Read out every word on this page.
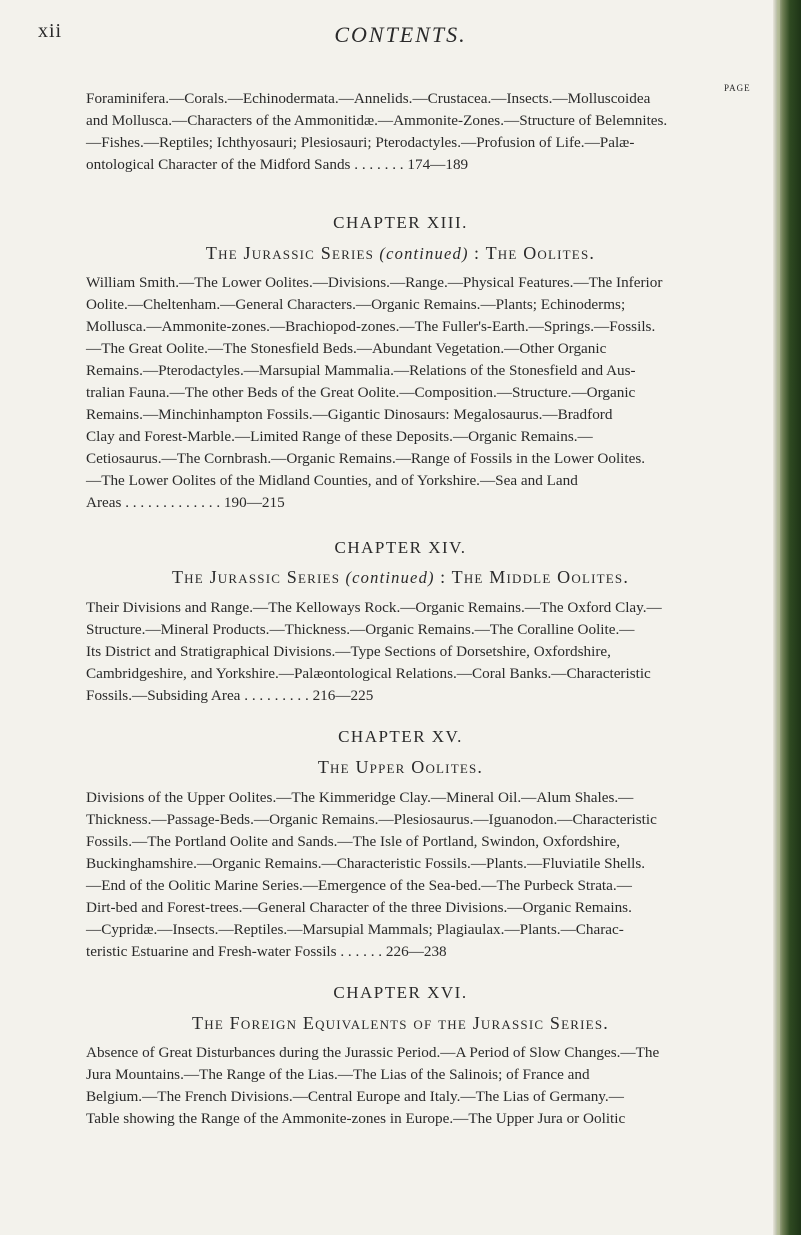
xii	CONTENTS.
PAGE
Foraminifera.—Corals.—Echinodermata.—Annelids.—Crustacea.—Insects.—Molluscoidea
and Mollusca.—Characters of the Ammonitidæ.—Ammonite-Zones.—Structure of Belemnites.
—Fishes.—Reptiles; Ichthyosauri; Plesiosauri; Pterodactyles.—Profusion of Life.—Palæ-
ontological Character of the Midford Sands . . . . . . . 174—189
CHAPTER XIII.
The Jurassic Series (continued) : The Oolites.
William Smith.—The Lower Oolites.—Divisions.—Range.—Physical Features.—The Inferior
Oolite.—Cheltenham.—General Characters.—Organic Remains.—Plants; Echinoderms;
Mollusca.—Ammonite-zones.—Brachiopod-zones.—The Fuller's-Earth.—Springs.—Fossils.
—The Great Oolite.—The Stonesfield Beds.—Abundant Vegetation.—Other Organic
Remains.—Pterodactyles.—Marsupial Mammalia.—Relations of the Stonesfield and Aus-
tralian Fauna.—The other Beds of the Great Oolite.—Composition.—Structure.—Organic
Remains.—Minchinhampton Fossils.—Gigantic Dinosaurs: Megalosaurus.—Bradford
Clay and Forest-Marble.—Limited Range of these Deposits.—Organic Remains.—
Cetiosaurus.—The Cornbrash.—Organic Remains.—Range of Fossils in the Lower Oolites.
—The Lower Oolites of the Midland Counties, and of Yorkshire.—Sea and Land
Areas . . . . . . . . . . . . . 190—215
CHAPTER XIV.
The Jurassic Series (continued) : The Middle Oolites.
Their Divisions and Range.—The Kelloways Rock.—Organic Remains.—The Oxford Clay.—
Structure.—Mineral Products.—Thickness.—Organic Remains.—The Coralline Oolite.—
Its District and Stratigraphical Divisions.—Type Sections of Dorsetshire, Oxfordshire,
Cambridgeshire, and Yorkshire.—Palæontological Relations.—Coral Banks.—Characteristic
Fossils.—Subsiding Area . . . . . . . . . 216—225
CHAPTER XV.
The Upper Oolites.
Divisions of the Upper Oolites.—The Kimmeridge Clay.—Mineral Oil.—Alum Shales.—
Thickness.—Passage-Beds.—Organic Remains.—Plesiosaurus.—Iguanodon.—Characteristic
Fossils.—The Portland Oolite and Sands.—The Isle of Portland, Swindon, Oxfordshire,
Buckinghamshire.—Organic Remains.—Characteristic Fossils.—Plants.—Fluviatile Shells.
—End of the Oolitic Marine Series.—Emergence of the Sea-bed.—The Purbeck Strata.—
Dirt-bed and Forest-trees.—General Character of the three Divisions.—Organic Remains.
—Cypridæ.—Insects.—Reptiles.—Marsupial Mammals; Plagiaulax.—Plants.—Charac-
teristic Estuarine and Fresh-water Fossils . . . . . . 226—238
CHAPTER XVI.
The Foreign Equivalents of the Jurassic Series.
Absence of Great Disturbances during the Jurassic Period.—A Period of Slow Changes.—The
Jura Mountains.—The Range of the Lias.—The Lias of the Salinois; of France and
Belgium.—The French Divisions.—Central Europe and Italy.—The Lias of Germany.—
Table showing the Range of the Ammonite-zones in Europe.—The Upper Jura or Oolitic
